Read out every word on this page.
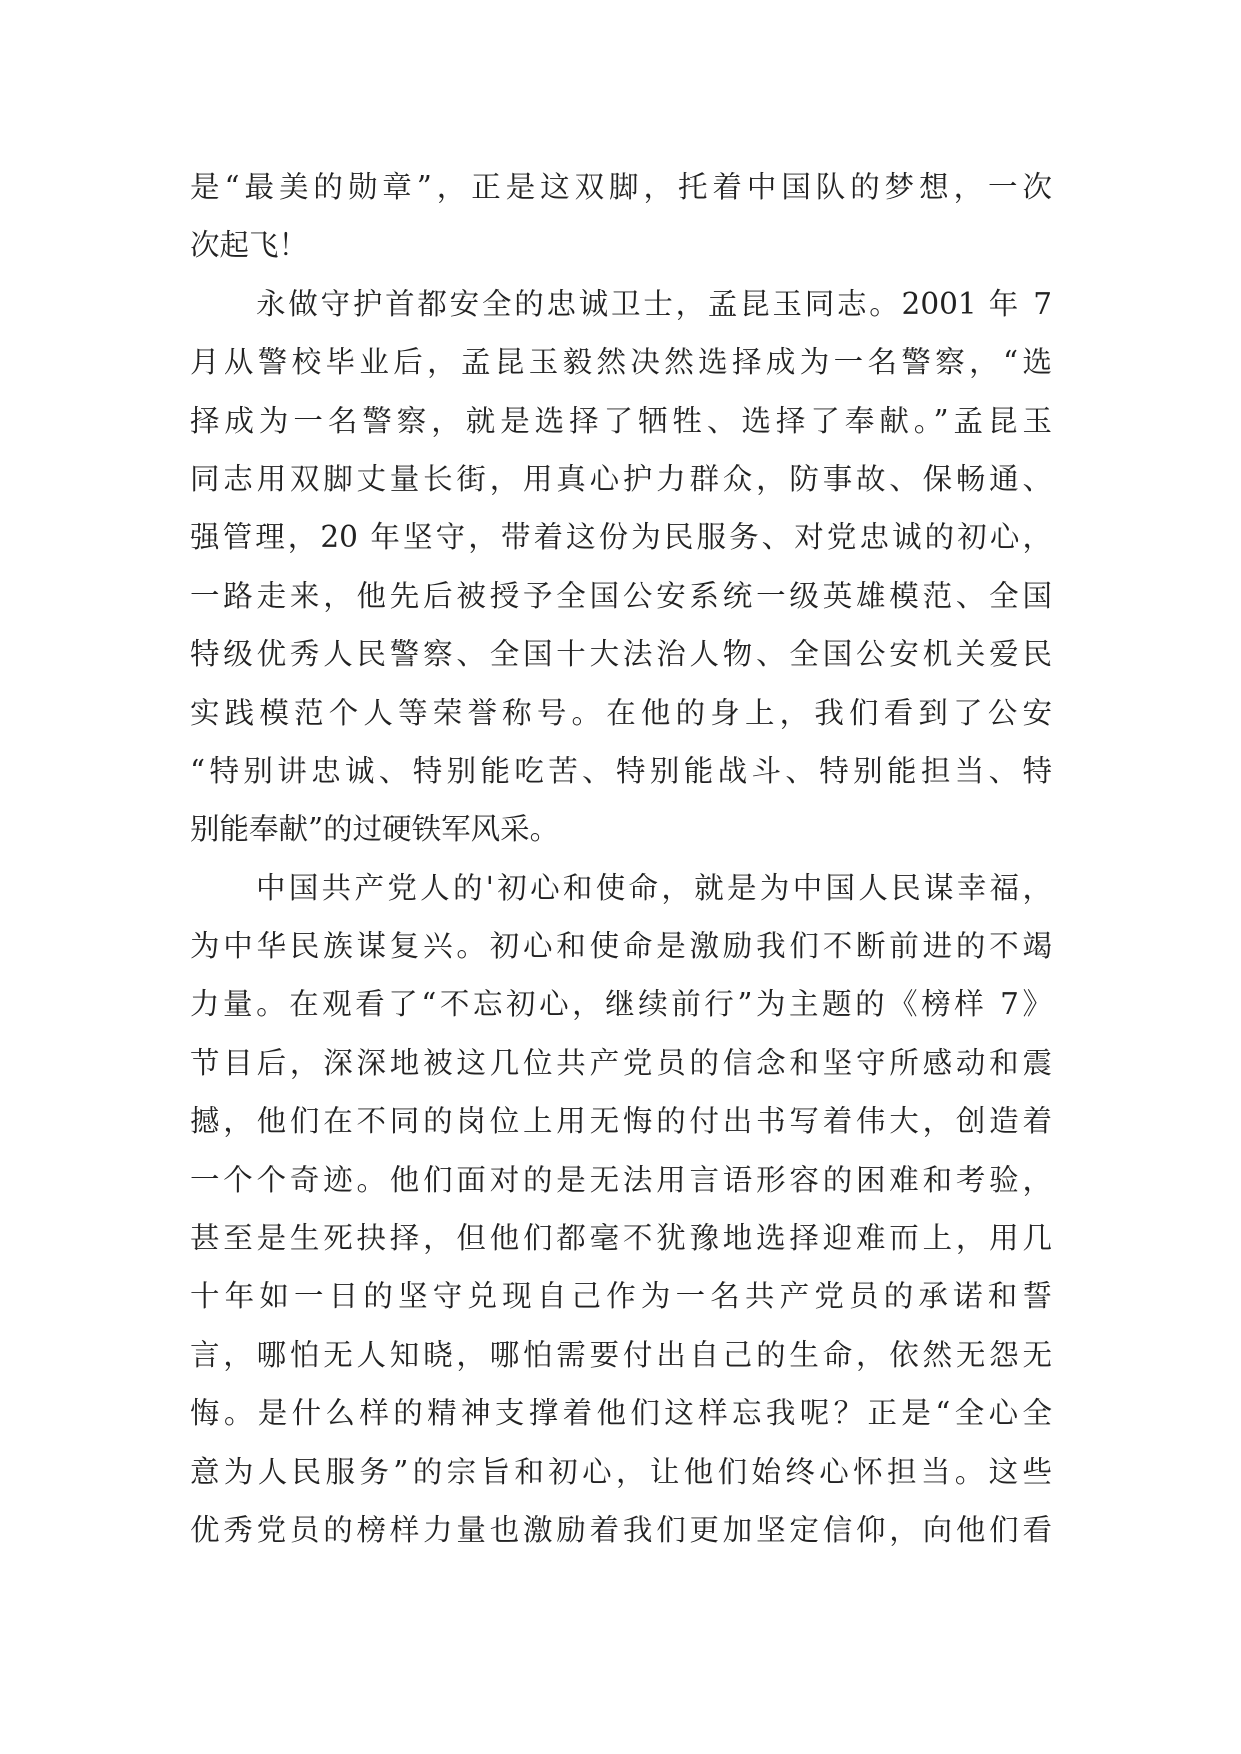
是“最美的勋章”，正是这双脚，托着中国队的梦想，一次
次起飞！
永做守护首都安全的忠诚卫士，孟昆玉同志。2001 年 7
月从警校毕业后，孟昆玉毅然决然选择成为一名警察，“选
择成为一名警察，就是选择了牺牲、选择了奉献。”孟昆玉
同志用双脚丈量长街，用真心护力群众，防事故、保畅通、
强管理，20 年坚守，带着这份为民服务、对党忠诚的初心，
一路走来，他先后被授予全国公安系统一级英雄模范、全国
特级优秀人民警察、全国十大法治人物、全国公安机关爱民
实践模范个人等荣誉称号。在他的身上，我们看到了公安
“特别讲忠诚、特别能吃苦、特别能战斗、特别能担当、特
别能奉献”的过硬铁军风采。
中国共产党人的'初心和使命，就是为中国人民谋幸福，
为中华民族谋复兴。初心和使命是激励我们不断前进的不竭
力量。在观看了“不忘初心，继续前行”为主题的《榜样 7》
节目后，深深地被这几位共产党员的信念和坚守所感动和震
撼，他们在不同的岗位上用无悔的付出书写着伟大，创造着
一个个奇迹。他们面对的是无法用言语形容的困难和考验，
甚至是生死抉择，但他们都毫不犹豫地选择迎难而上，用几
十年如一日的坚守兑现自己作为一名共产党员的承诺和誓
言，哪怕无人知晓，哪怕需要付出自己的生命，依然无怨无
悔。是什么样的精神支撑着他们这样忘我呢？正是“全心全
意为人民服务”的宗旨和初心，让他们始终心怀担当。这些
优秀党员的榜样力量也激励着我们更加坚定信仰，向他们看
